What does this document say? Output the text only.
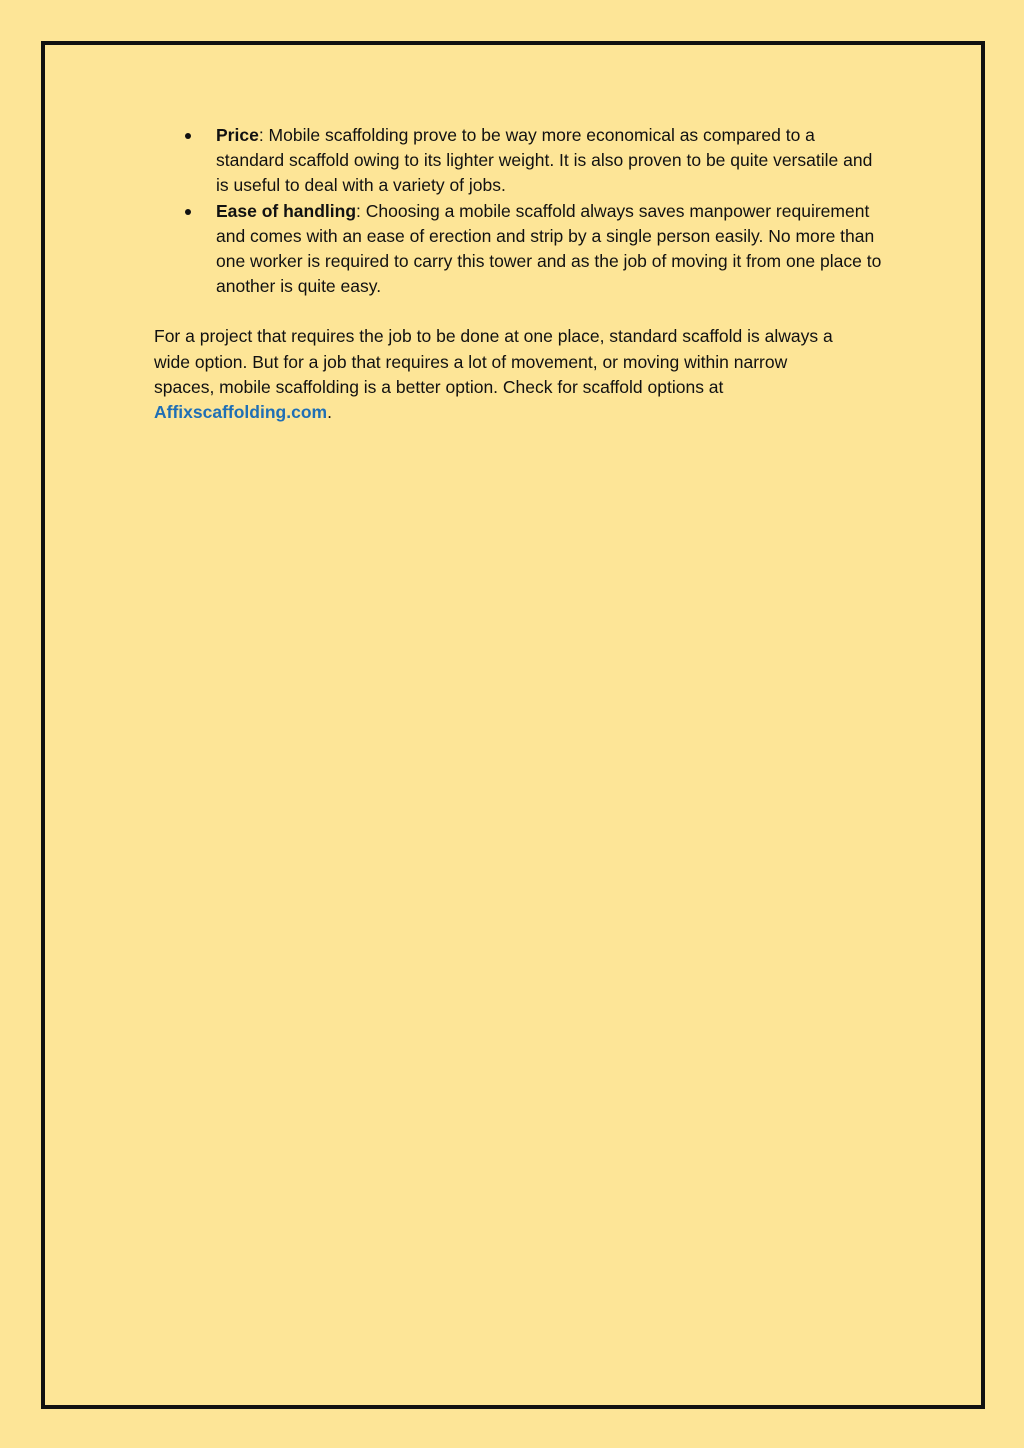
Price: Mobile scaffolding prove to be way more economical as compared to a standard scaffold owing to its lighter weight. It is also proven to be quite versatile and is useful to deal with a variety of jobs.
Ease of handling: Choosing a mobile scaffold always saves manpower requirement and comes with an ease of erection and strip by a single person easily. No more than one worker is required to carry this tower and as the job of moving it from one place to another is quite easy.

For a project that requires the job to be done at one place, standard scaffold is always a wide option. But for a job that requires a lot of movement, or moving within narrow spaces, mobile scaffolding is a better option. Check for scaffold options at Affixscaffolding.com.
